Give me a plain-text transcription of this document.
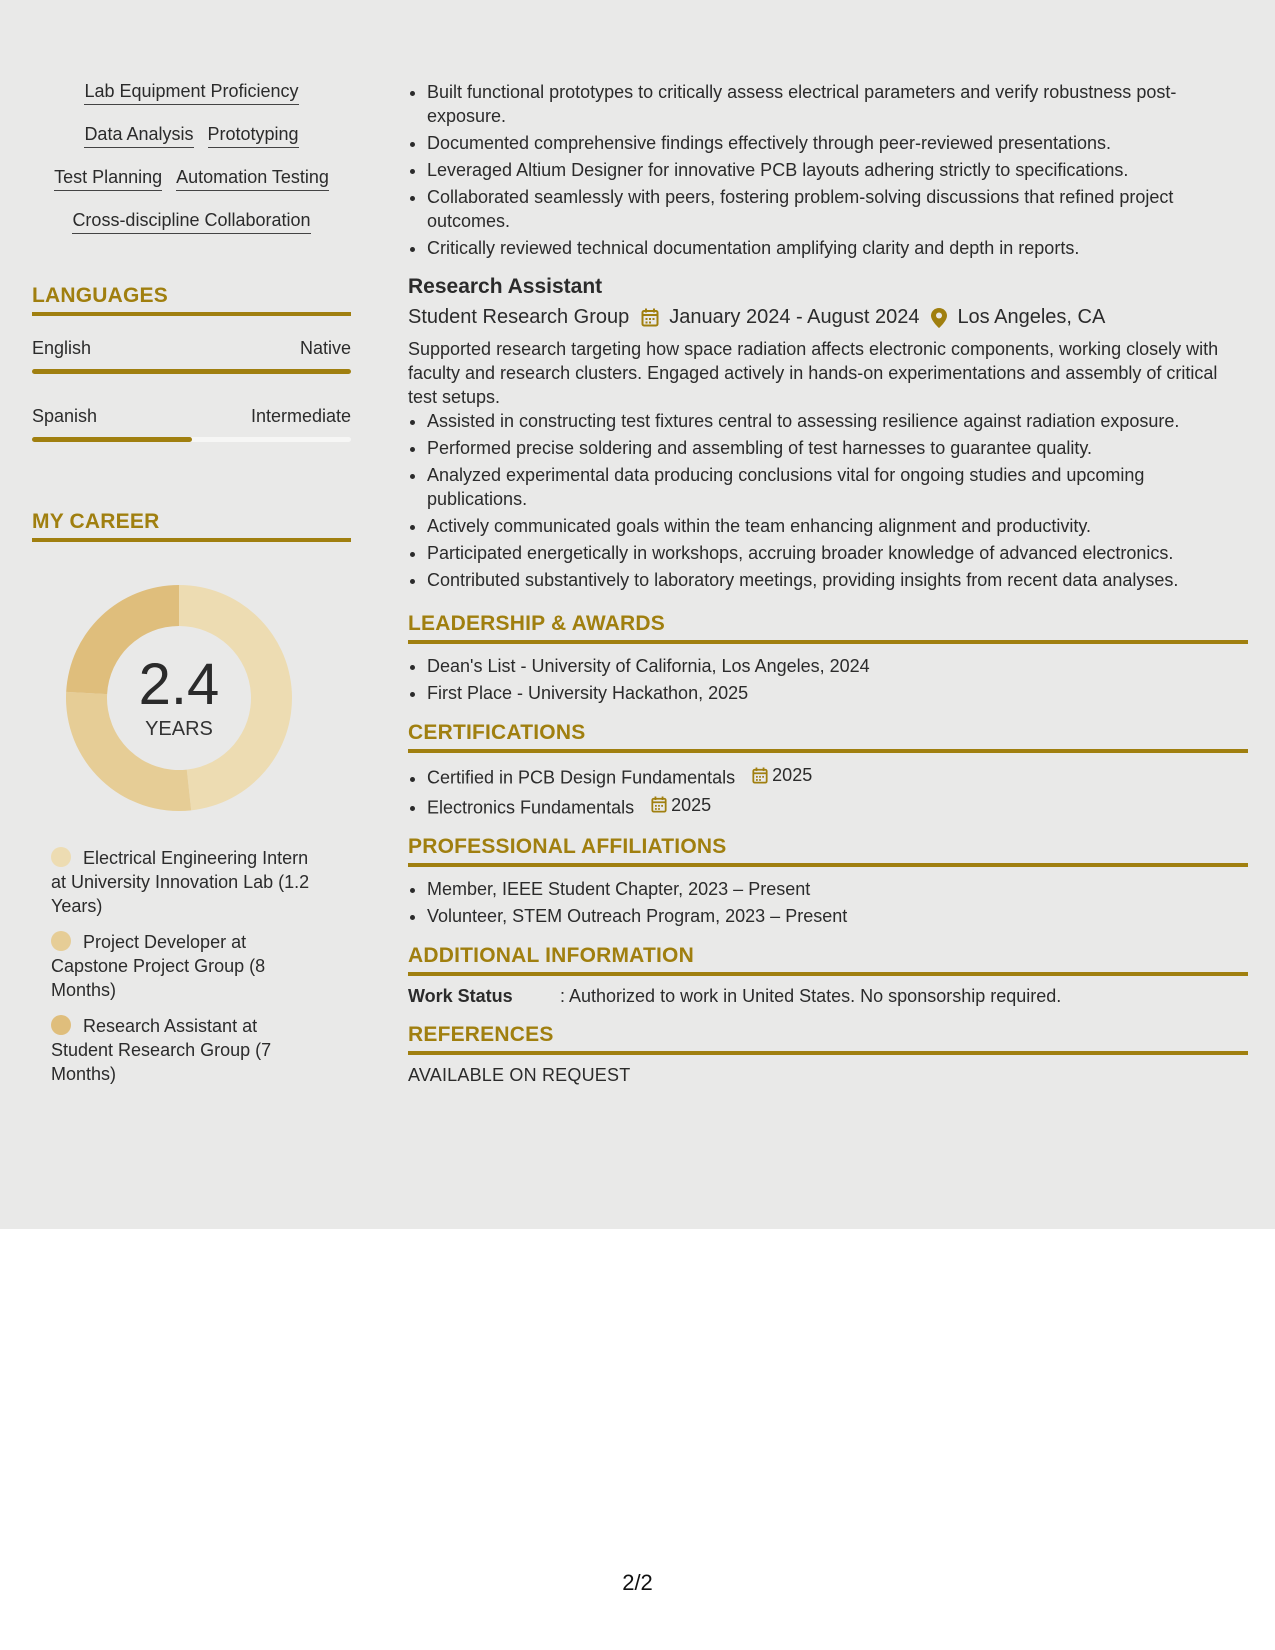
Lab Equipment Proficiency
Data Analysis Prototyping
Test Planning Automation Testing
Cross-discipline Collaboration
LANGUAGES
English	Native
Spanish	Intermediate
MY CAREER
2.4
YEARS
Electrical Engineering Intern at University Innovation Lab (1.2 Years)
Project Developer at Capstone Project Group (8 Months)
Research Assistant at Student Research Group (7 Months)
• Built functional prototypes to critically assess electrical parameters and verify robustness post-exposure.
• Documented comprehensive findings effectively through peer-reviewed presentations.
• Leveraged Altium Designer for innovative PCB layouts adhering strictly to specifications.
• Collaborated seamlessly with peers, fostering problem-solving discussions that refined project outcomes.
• Critically reviewed technical documentation amplifying clarity and depth in reports.
Research Assistant
Student Research Group January 2024 - August 2024 Los Angeles, CA
Supported research targeting how space radiation affects electronic components, working closely with faculty and research clusters. Engaged actively in hands-on experimentations and assembly of critical test setups.
• Assisted in constructing test fixtures central to assessing resilience against radiation exposure.
• Performed precise soldering and assembling of test harnesses to guarantee quality.
• Analyzed experimental data producing conclusions vital for ongoing studies and upcoming publications.
• Actively communicated goals within the team enhancing alignment and productivity.
• Participated energetically in workshops, accruing broader knowledge of advanced electronics.
• Contributed substantively to laboratory meetings, providing insights from recent data analyses.
LEADERSHIP & AWARDS
• Dean's List - University of California, Los Angeles, 2024
• First Place - University Hackathon, 2025
CERTIFICATIONS
• Certified in PCB Design Fundamentals 2025
• Electronics Fundamentals 2025
PROFESSIONAL AFFILIATIONS
• Member, IEEE Student Chapter, 2023 – Present
• Volunteer, STEM Outreach Program, 2023 – Present
ADDITIONAL INFORMATION
Work Status	: Authorized to work in United States. No sponsorship required.
REFERENCES
AVAILABLE ON REQUEST
2/2
